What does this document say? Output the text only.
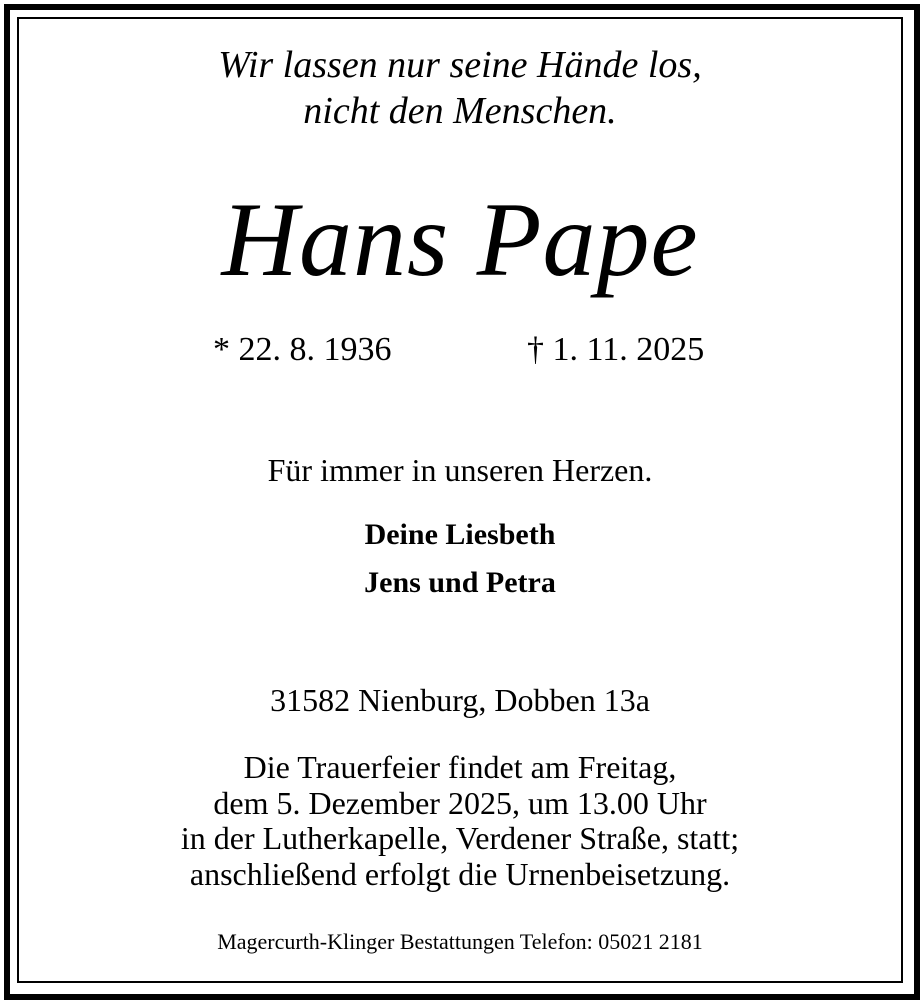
Wir lassen nur seine Hände los,
nicht den Menschen.
Hans Pape
* 22. 8. 1936	† 1. 11. 2025
Für immer in unseren Herzen.
Deine Liesbeth
Jens und Petra
31582 Nienburg, Dobben 13a
Die Trauerfeier findet am Freitag,
dem 5. Dezember 2025, um 13.00 Uhr
in der Lutherkapelle, Verdener Straße, statt;
anschließend erfolgt die Urnenbeisetzung.
Magercurth-Klinger Bestattungen Telefon: 05021 2181
